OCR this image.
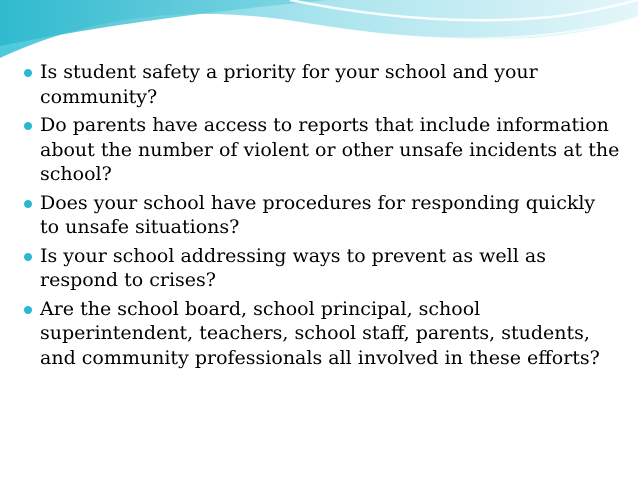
Is student safety a priority for your school and your community?
Do parents have access to reports that include information about the number of violent or other unsafe incidents at the school?
Does your school have procedures for responding quickly to unsafe situations?
Is your school addressing ways to prevent as well as respond to crises?
Are the school board, school principal, school superintendent, teachers, school staff, parents, students, and community professionals all involved in these efforts?
